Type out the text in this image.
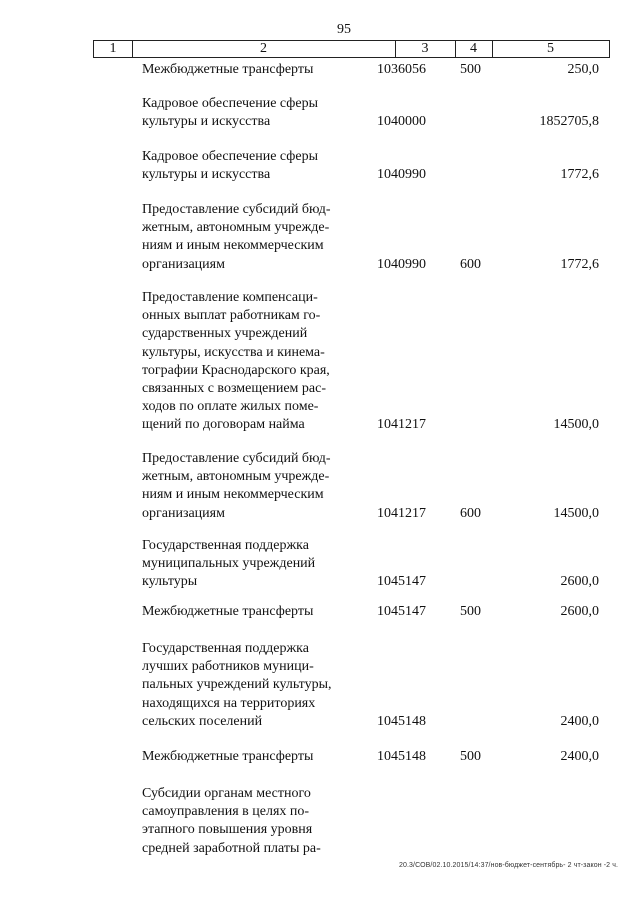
95
1	2	3	4	5
Межбюджетные трансферты	1036056 500	250,0
Кадровое обеспечение сферы
культуры и искусства	1040000	1852705,8
Кадровое обеспечение сферы
культуры и искусства	1040990	1772,6
Предоставление субсидий бюд-
жетным, автономным учрежде-
ниям и иным некоммерческим
организациям	1040990 600	1772,6
Предоставление компенсаци-
онных выплат работникам го-
сударственных учреждений
культуры, искусства и кинема-
тографии Краснодарского края,
связанных с возмещением рас-
ходов по оплате жилых поме-
щений по договорам найма	1041217	14500,0
Предоставление субсидий бюд-
жетным, автономным учрежде-
ниям и иным некоммерческим
организациям	1041217 600	14500,0
Государственная поддержка
муниципальных учреждений
культуры	1045147	2600,0
Межбюджетные трансферты	1045147 500	2600,0
Государственная поддержка
лучших работников муници-
пальных учреждений культуры,
находящихся на территориях
сельских поселений	1045148	2400,0
Межбюджетные трансферты	1045148 500	2400,0
Субсидии органам местного
самоуправления в целях по-
этапного повышения уровня
средней заработной платы ра-
20.3/СОВ/02.10.2015/14:37/нов-бюджет-сентябрь- 2 чт-закон -2 ч.
